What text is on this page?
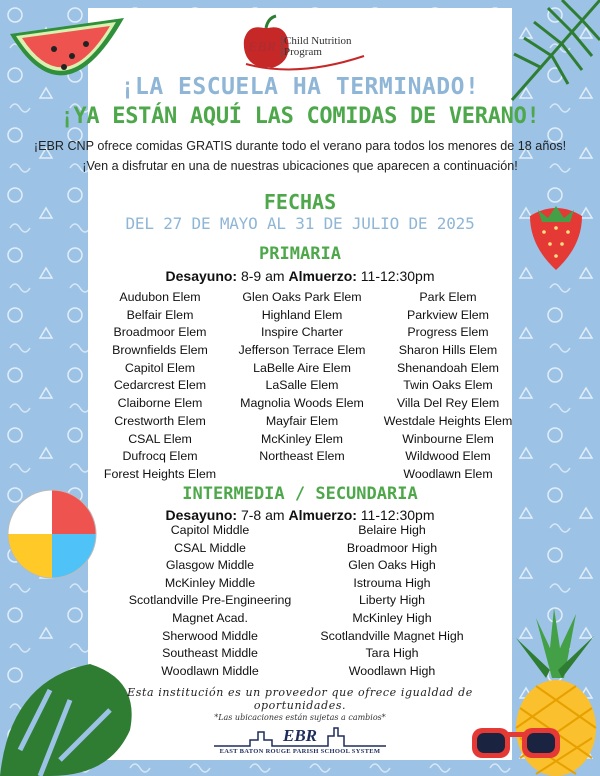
EBR Child Nutrition
Program
¡LA ESCUELA HA TERMINADO!
¡YA ESTÁN AQUÍ LAS COMIDAS DE VERANO!
¡EBR CNP ofrece comidas GRATIS durante todo el verano para todos los menores de 18 años! ¡Ven a disfrutar en una de nuestras ubicaciones que aparecen a continuación!
FECHAS
DEL 27 DE MAYO AL 31 DE JULIO DE 2025
PRIMARIA
Desayuno: 8-9 am Almuerzo: 11-12:30pm
Audubon Elem
Belfair Elem
Broadmoor Elem
Brownfields Elem
Capitol Elem
Cedarcrest Elem
Claiborne Elem
Crestworth Elem
CSAL Elem
Dufrocq Elem
Forest Heights Elem
Glen Oaks Park Elem
Highland Elem
Inspire Charter
Jefferson Terrace Elem
LaBelle Aire Elem
LaSalle Elem
Magnolia Woods Elem
Mayfair Elem
McKinley Elem
Northeast Elem
Park Elem
Parkview Elem
Progress Elem
Sharon Hills Elem
Shenandoah Elem
Twin Oaks Elem
Villa Del Rey Elem
Westdale Heights Elem
Winbourne Elem
Wildwood Elem
Woodlawn Elem
INTERMEDIA / SECUNDARIA
Desayuno: 7-8 am Almuerzo: 11-12:30pm
Capitol Middle
CSAL Middle
Glasgow Middle
McKinley Middle
Scotlandville Pre-Engineering
Magnet Acad.
Sherwood Middle
Southeast Middle
Woodlawn Middle
Belaire High
Broadmoor High
Glen Oaks High
Istrouma High
Liberty High
McKinley High
Scotlandville Magnet High
Tara High
Woodlawn High
Esta institución es un proveedor que ofrece igualdad de oportunidades.
*Las ubicaciones están sujetas a cambios*
EBR
EAST BATON ROUGE PARISH SCHOOL SYSTEM
